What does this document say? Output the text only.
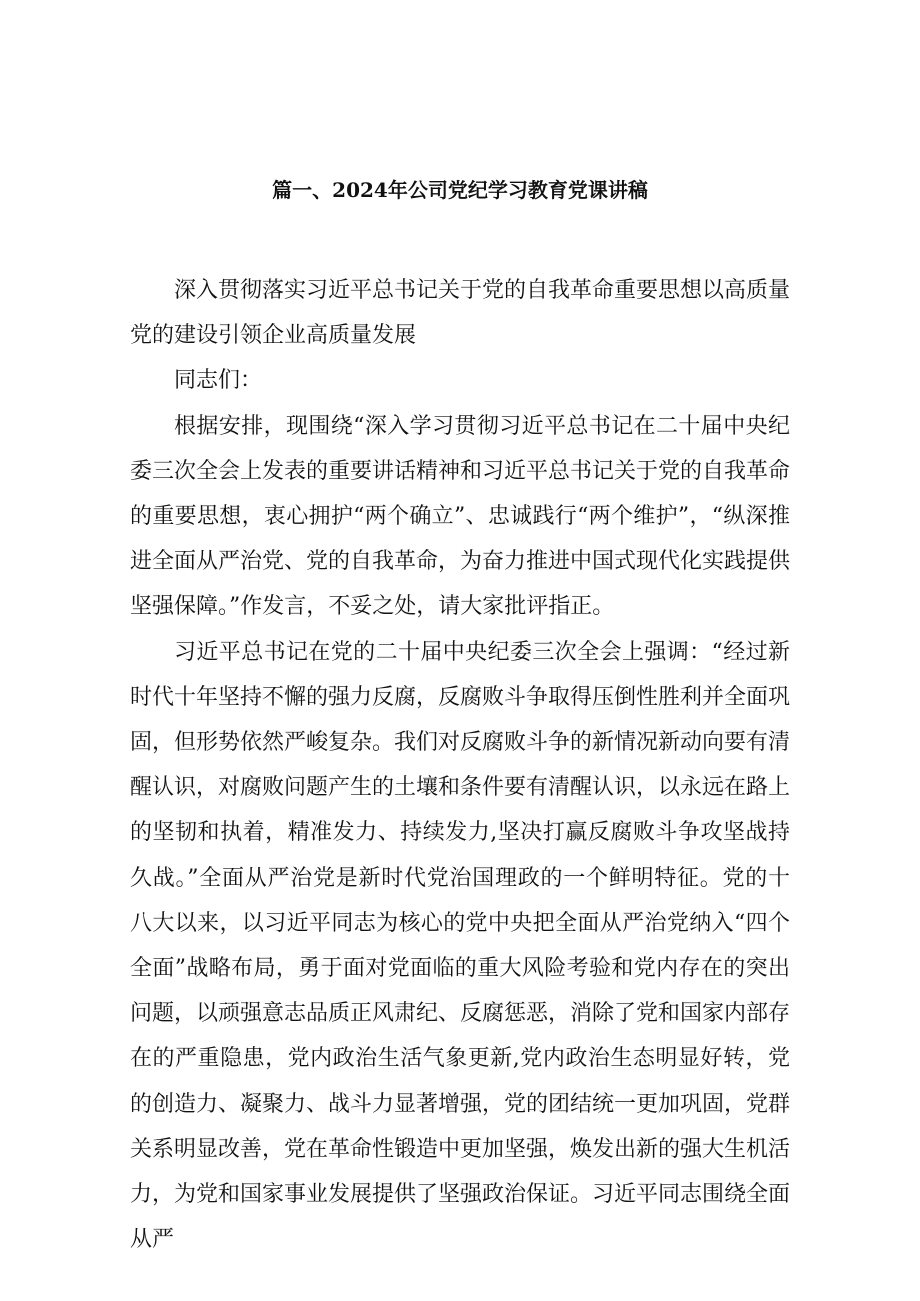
篇一、2024年公司党纪学习教育党课讲稿

深入贯彻落实习近平总书记关于党的自我革命重要思想以高质量党的建设引领企业高质量发展

同志们：

根据安排，现围绕“深入学习贯彻习近平总书记在二十届中央纪委三次全会上发表的重要讲话精神和习近平总书记关于党的自我革命的重要思想，衷心拥护“两个确立”、忠诚践行“两个维护”，“纵深推进全面从严治党、党的自我革命，为奋力推进中国式现代化实践提供坚强保障。”作发言，不妥之处，请大家批评指正。

习近平总书记在党的二十届中央纪委三次全会上强调：“经过新时代十年坚持不懈的强力反腐，反腐败斗争取得压倒性胜利并全面巩固，但形势依然严峻复杂。我们对反腐败斗争的新情况新动向要有清醒认识，对腐败问题产生的土壤和条件要有清醒认识，以永远在路上的坚韧和执着，精准发力、持续发力,坚决打赢反腐败斗争攻坚战持久战。”全面从严治党是新时代党治国理政的一个鲜明特征。党的十八大以来，以习近平同志为核心的党中央把全面从严治党纳入“四个全面”战略布局，勇于面对党面临的重大风险考验和党内存在的突出问题，以顽强意志品质正风肃纪、反腐惩恶，消除了党和国家内部存在的严重隐患，党内政治生活气象更新,党内政治生态明显好转，党的创造力、凝聚力、战斗力显著增强，党的团结统一更加巩固，党群关系明显改善，党在革命性锻造中更加坚强，焕发出新的强大生机活力，为党和国家事业发展提供了坚强政治保证。习近平同志围绕全面从严
